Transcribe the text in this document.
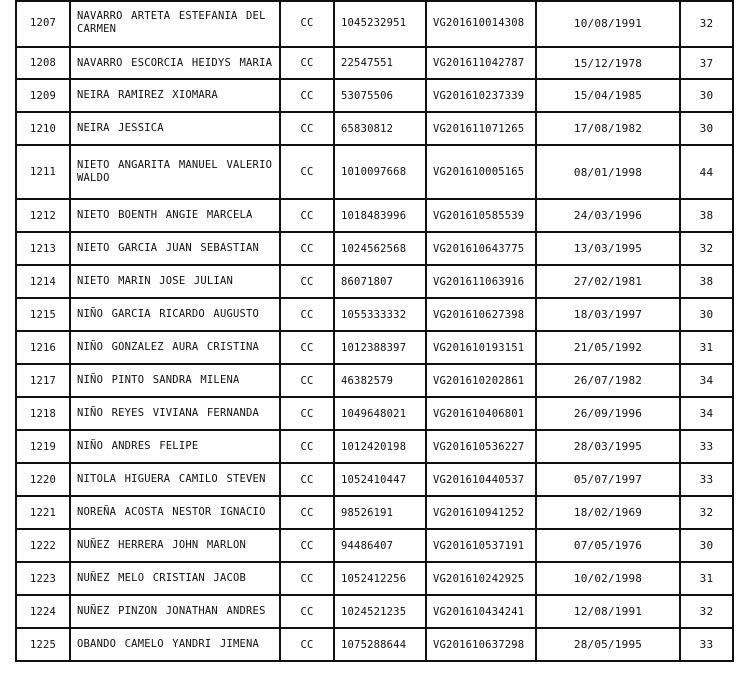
1207	NAVARRO ARTETA ESTEFANIA DEL CARMEN	CC	1045232951	VG201610014308	10/08/1991	32
1208	NAVARRO ESCORCIA HEIDYS MARIA	CC	22547551	VG201611042787	15/12/1978	37
1209	NEIRA RAMIREZ XIOMARA	CC	53075506	VG201610237339	15/04/1985	30
1210	NEIRA JESSICA	CC	65830812	VG201611071265	17/08/1982	30
1211	NIETO ANGARITA MANUEL VALERIO WALDO	CC	1010097668	VG201610005165	08/01/1998	44
1212	NIETO BOENTH ANGIE MARCELA	CC	1018483996	VG201610585539	24/03/1996	38
1213	NIETO GARCIA JUAN SEBASTIAN	CC	1024562568	VG201610643775	13/03/1995	32
1214	NIETO MARIN JOSE JULIAN	CC	86071807	VG201611063916	27/02/1981	38
1215	NIÑO GARCIA RICARDO AUGUSTO	CC	1055333332	VG201610627398	18/03/1997	30
1216	NIÑO GONZALEZ AURA CRISTINA	CC	1012388397	VG201610193151	21/05/1992	31
1217	NIÑO PINTO SANDRA MILENA	CC	46382579	VG201610202861	26/07/1982	34
1218	NIÑO REYES VIVIANA FERNANDA	CC	1049648021	VG201610406801	26/09/1996	34
1219	NIÑO ANDRES FELIPE	CC	1012420198	VG201610536227	28/03/1995	33
1220	NITOLA HIGUERA CAMILO STEVEN	CC	1052410447	VG201610440537	05/07/1997	33
1221	NOREÑA ACOSTA NESTOR IGNACIO	CC	98526191	VG201610941252	18/02/1969	32
1222	NUÑEZ HERRERA JOHN MARLON	CC	94486407	VG201610537191	07/05/1976	30
1223	NUÑEZ MELO CRISTIAN JACOB	CC	1052412256	VG201610242925	10/02/1998	31
1224	NUÑEZ PINZON JONATHAN ANDRES	CC	1024521235	VG201610434241	12/08/1991	32
1225	OBANDO CAMELO YANDRI JIMENA	CC	1075288644	VG201610637298	28/05/1995	33
